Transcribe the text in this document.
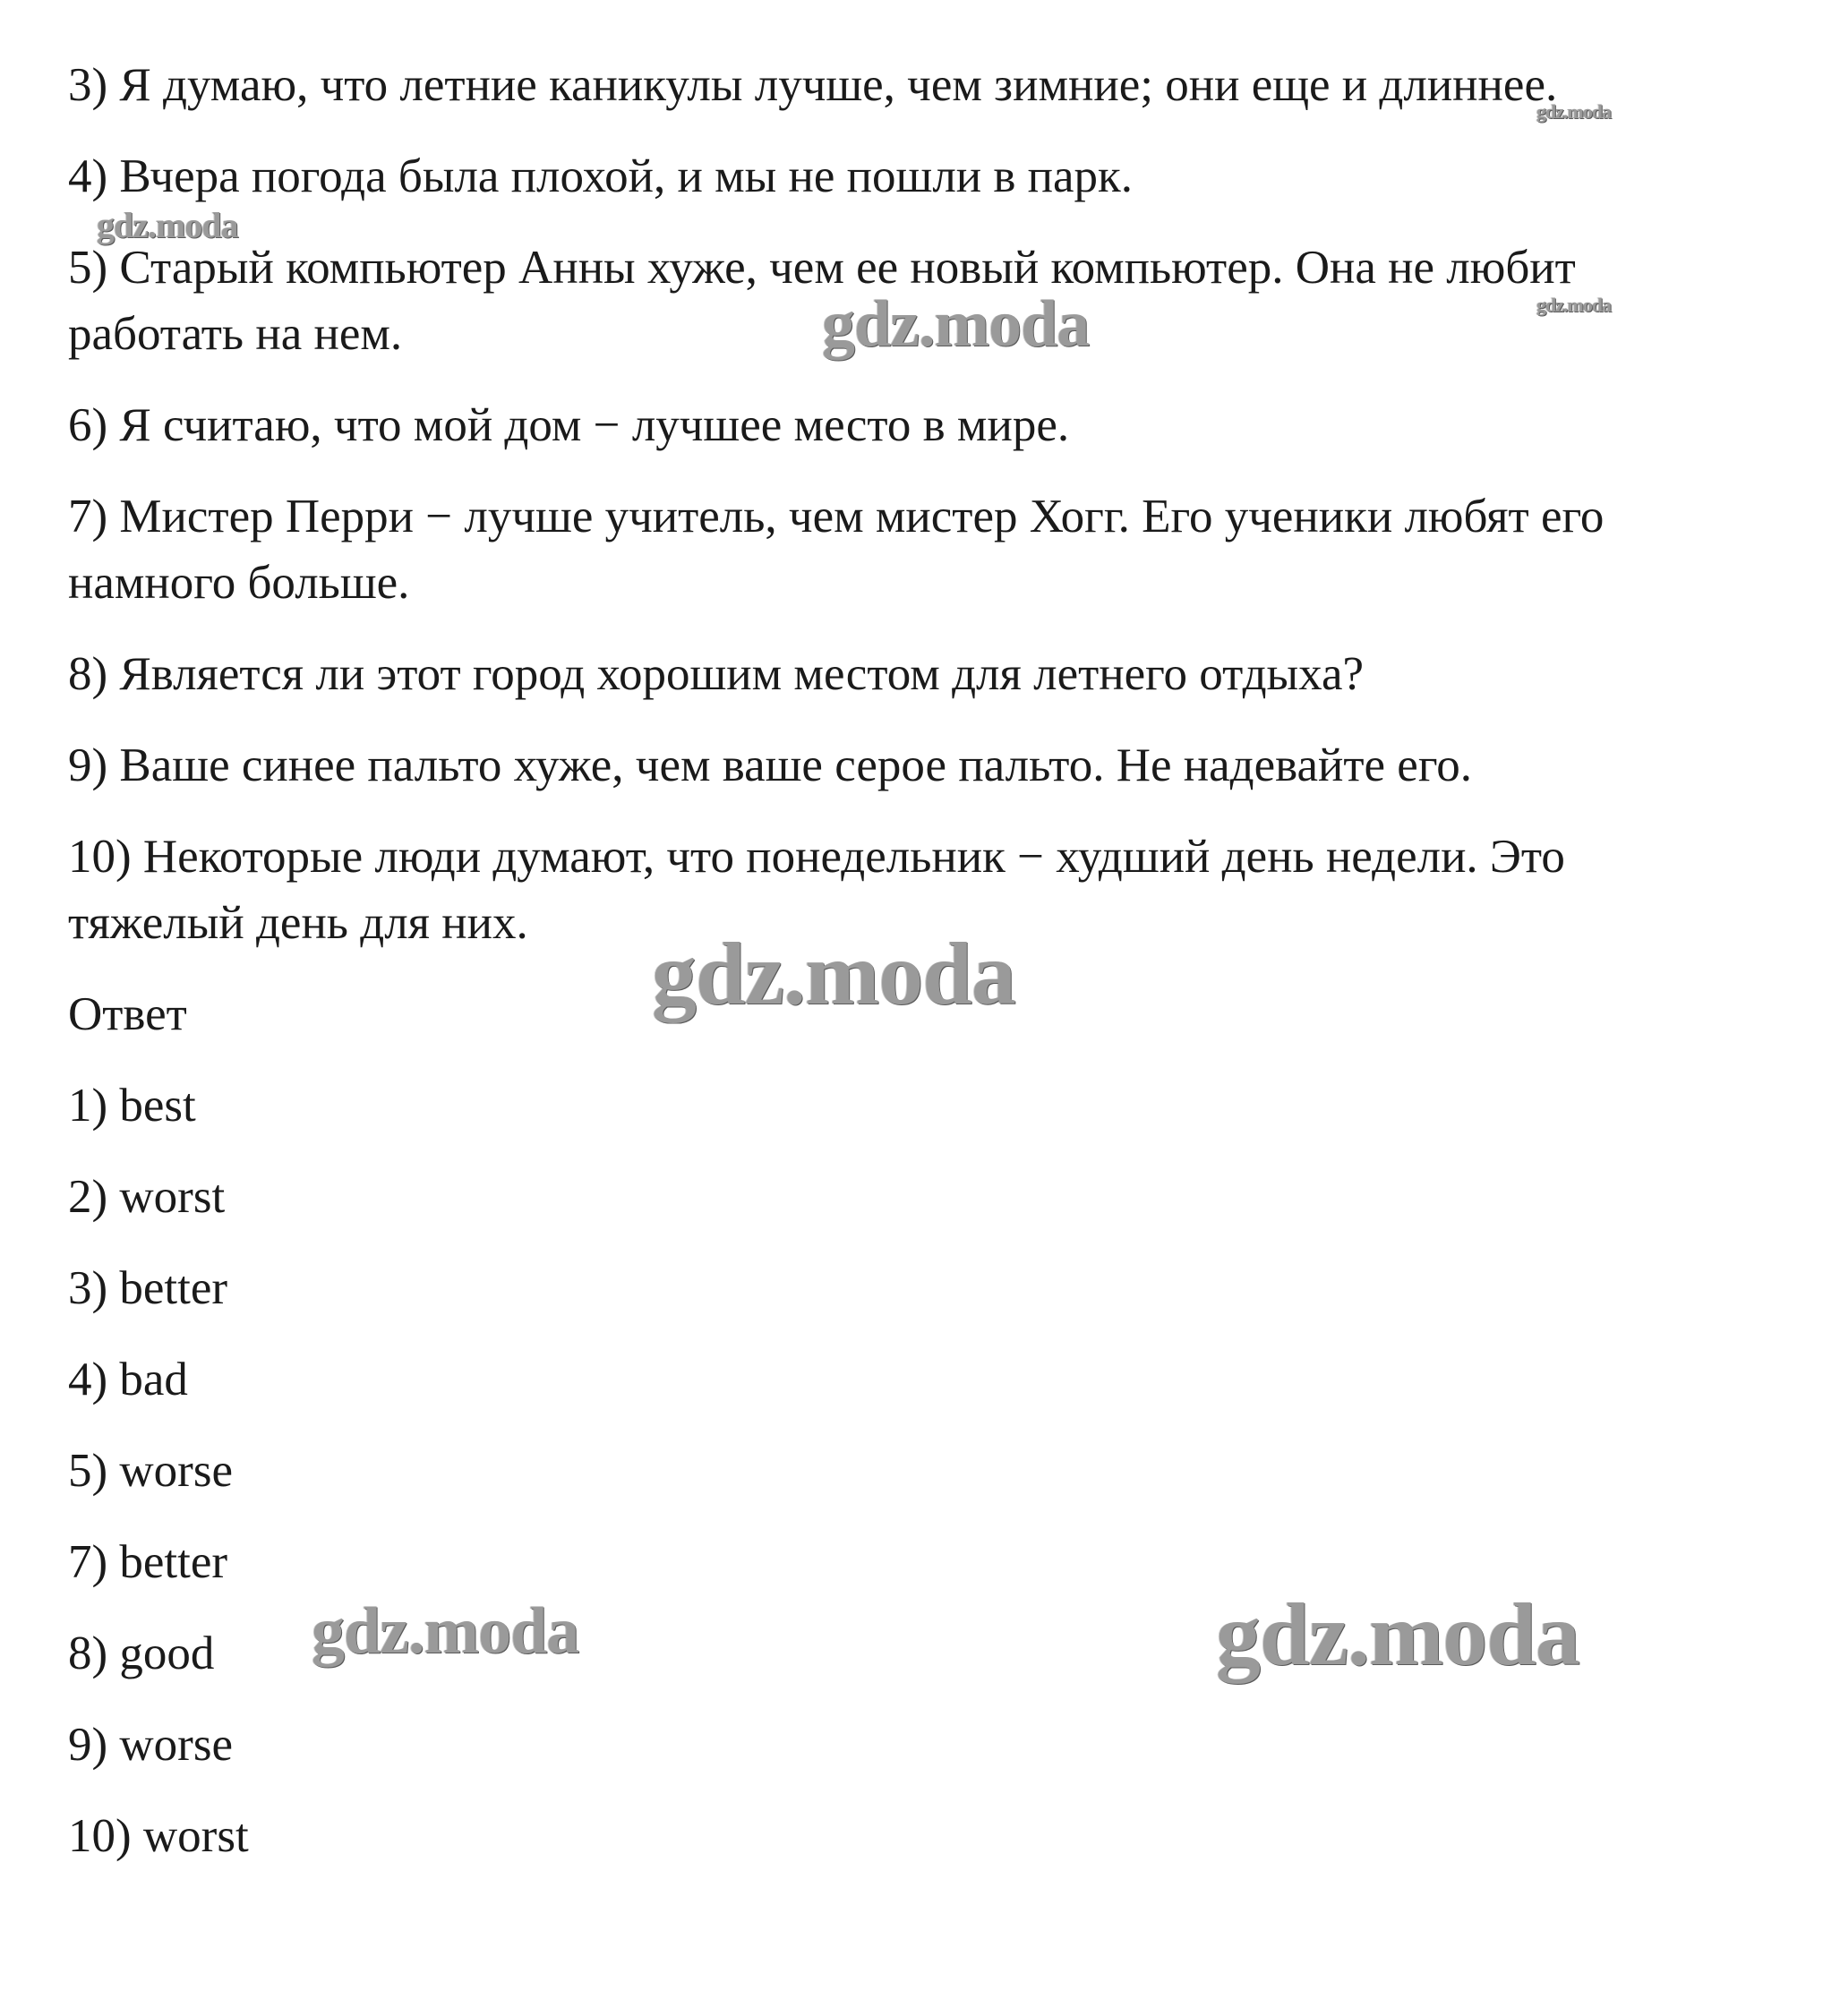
3) Я думаю, что летние каникулы лучше, чем зимние; они еще и длиннее.

4) Вчера погода была плохой, и мы не пошли в парк.

5) Старый компьютер Анны хуже, чем ее новый компьютер. Она не любит

работать на нем.

6) Я считаю, что мой дом − лучшее место в мире.

7) Мистер Перри − лучше учитель, чем мистер Хогг. Его ученики любят его

намного больше.

8) Является ли этот город хорошим местом для летнего отдыха?

9) Ваше синее пальто хуже, чем ваше серое пальто. Не надевайте его.

10) Некоторые люди думают, что понедельник − худший день недели. Это

тяжелый день для них.

Ответ

1) best

2) worst

3) better

4) bad

5) worse

7) better

8) good

9) worse

10) worst

gdz.moda
gdz.moda
gdz.moda	gdz.moda
gdz.moda
gdz.moda	gdz.moda
